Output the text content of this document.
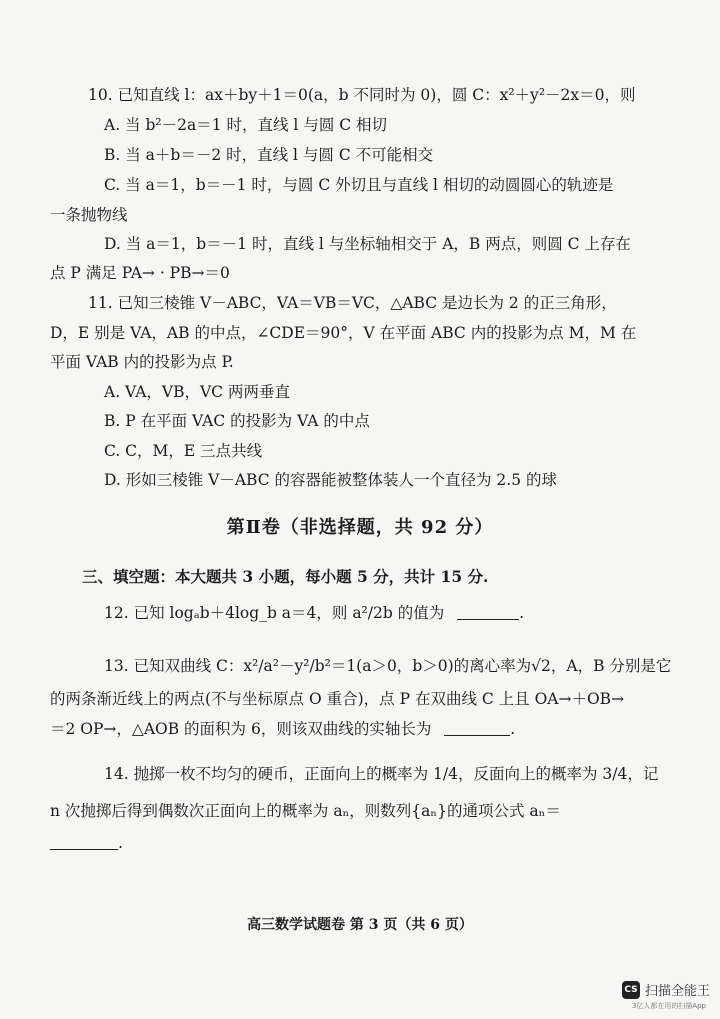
10. 已知直线 l：ax＋by＋1＝0(a，b 不同时为 0)，圆 C：x²＋y²－2x＝0，则
A. 当 b²－2a＝1 时，直线 l 与圆 C 相切
B. 当 a＋b＝－2 时，直线 l 与圆 C 不可能相交
C. 当 a＝1，b＝－1 时，与圆 C 外切且与直线 l 相切的动圆圆心的轨迹是
一条抛物线
D. 当 a＝1，b＝－1 时，直线 l 与坐标轴相交于 A，B 两点，则圆 C 上存在
点 P 满足 PA→ · PB→＝0
11. 已知三棱锥 V－ABC，VA＝VB＝VC，△ABC 是边长为 2 的正三角形，
D，E 别是 VA，AB 的中点，∠CDE＝90°，V 在平面 ABC 内的投影为点 M，M 在
平面 VAB 内的投影为点 P.
A. VA，VB，VC 两两垂直
B. P 在平面 VAC 的投影为 VA 的中点
C. C，M，E 三点共线
D. 形如三棱锥 V－ABC 的容器能被整体装人一个直径为 2.5 的球
第Ⅱ卷（非选择题，共 92 分）
三、填空题：本大题共 3 小题，每小题 5 分，共计 15 分.
12. 已知 logₐb＋4log_b a＝4，则 a²/2b 的值为	.
13. 已知双曲线 C：x²/a²－y²/b²＝1(a＞0，b＞0)的离心率为√2，A，B 分别是它
的两条渐近线上的两点(不与坐标原点 O 重合)，点 P 在双曲线 C 上且 OA→＋OB→
＝2 OP→，△AOB 的面积为 6，则该双曲线的实轴长为	.
14. 抛掷一枚不均匀的硬币，正面向上的概率为 1/4，反面向上的概率为 3/4，记
n 次抛掷后得到偶数次正面向上的概率为 aₙ，则数列{aₙ}的通项公式 aₙ＝
.
高三数学试题卷 第 3 页（共 6 页）
CS 扫描全能王
3亿人都在用的扫描App
